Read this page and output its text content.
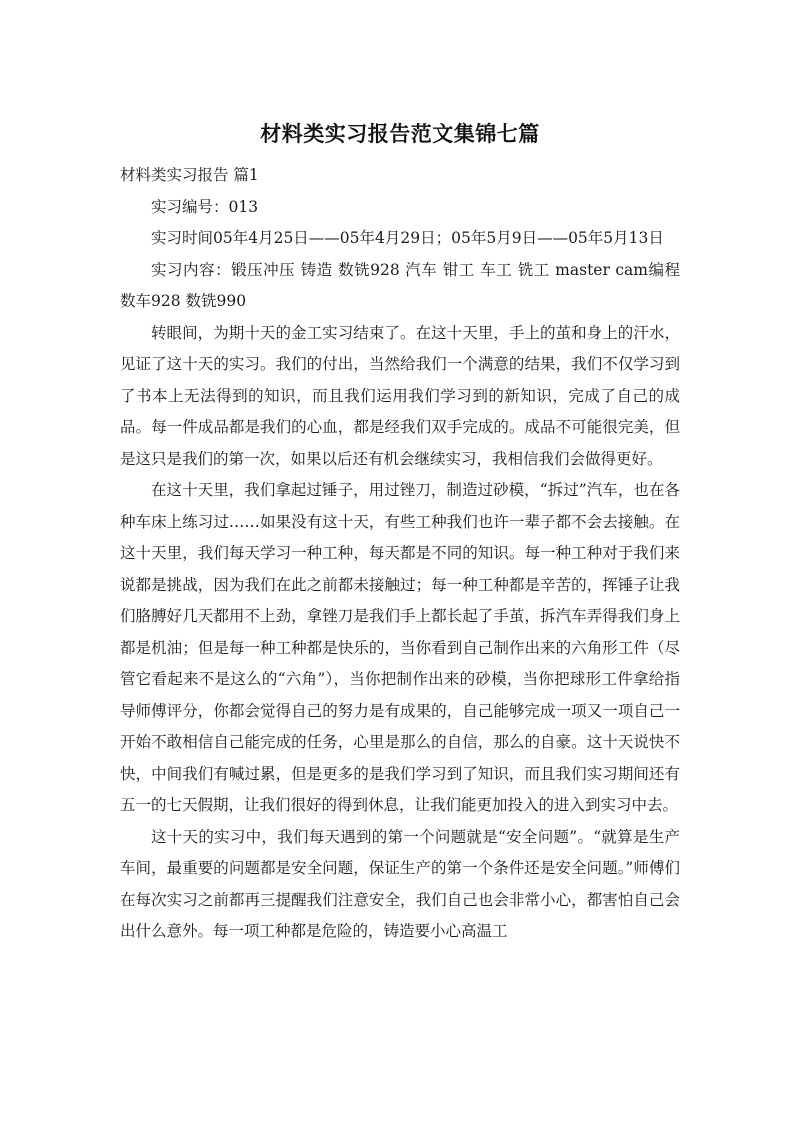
材料类实习报告范文集锦七篇

材料类实习报告 篇1

实习编号：013

实习时间05年4月25日——05年4月29日；05年5月9日——05年5月13日

实习内容：锻压冲压 铸造 数铣928 汽车 钳工 车工 铣工 master cam编程 数车928 数铣990

转眼间，为期十天的金工实习结束了。在这十天里，手上的茧和身上的汗水，见证了这十天的实习。我们的付出，当然给我们一个满意的结果，我们不仅学习到了书本上无法得到的知识，而且我们运用我们学习到的新知识，完成了自己的成品。每一件成品都是我们的心血，都是经我们双手完成的。成品不可能很完美，但是这只是我们的第一次，如果以后还有机会继续实习，我相信我们会做得更好。

在这十天里，我们拿起过锤子，用过锉刀，制造过砂模，“拆过”汽车，也在各种车床上练习过……如果没有这十天，有些工种我们也许一辈子都不会去接触。在这十天里，我们每天学习一种工种，每天都是不同的知识。每一种工种对于我们来说都是挑战，因为我们在此之前都未接触过；每一种工种都是辛苦的，挥锤子让我们胳膊好几天都用不上劲，拿锉刀是我们手上都长起了手茧，拆汽车弄得我们身上都是机油；但是每一种工种都是快乐的，当你看到自己制作出来的六角形工件（尽管它看起来不是这么的“六角”），当你把制作出来的砂模，当你把球形工件拿给指导师傅评分，你都会觉得自己的努力是有成果的，自己能够完成一项又一项自己一开始不敢相信自己能完成的任务，心里是那么的自信，那么的自豪。这十天说快不快，中间我们有喊过累，但是更多的是我们学习到了知识，而且我们实习期间还有五一的七天假期，让我们很好的得到休息，让我们能更加投入的进入到实习中去。

这十天的实习中，我们每天遇到的第一个问题就是“安全问题”。“就算是生产车间，最重要的问题都是安全问题，保证生产的第一个条件还是安全问题。”师傅们在每次实习之前都再三提醒我们注意安全，我们自己也会非常小心，都害怕自己会出什么意外。每一项工种都是危险的，铸造要小心高温工
